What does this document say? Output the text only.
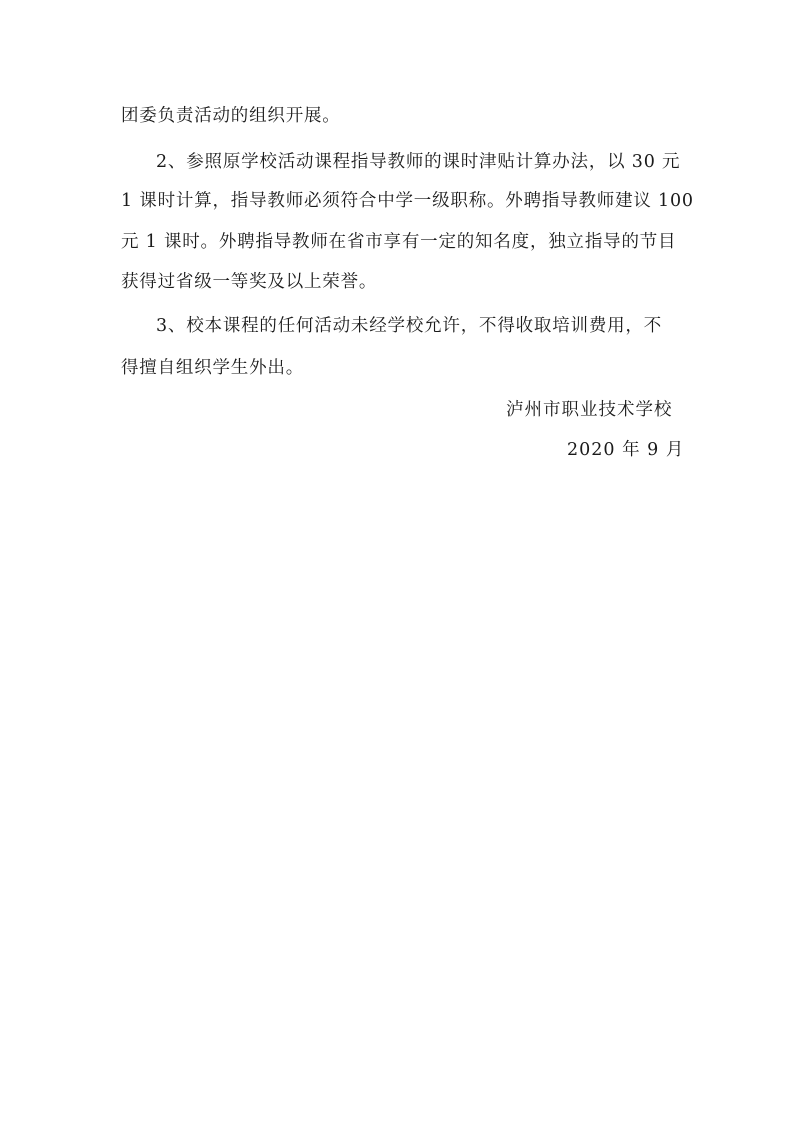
团委负责活动的组织开展。
2、参照原学校活动课程指导教师的课时津贴计算办法，以 30 元
1 课时计算，指导教师必须符合中学一级职称。外聘指导教师建议 100
元 1 课时。外聘指导教师在省市享有一定的知名度，独立指导的节目
获得过省级一等奖及以上荣誉。
3、校本课程的任何活动未经学校允许，不得收取培训费用，不
得擅自组织学生外出。
泸州市职业技术学校
2020 年 9 月
